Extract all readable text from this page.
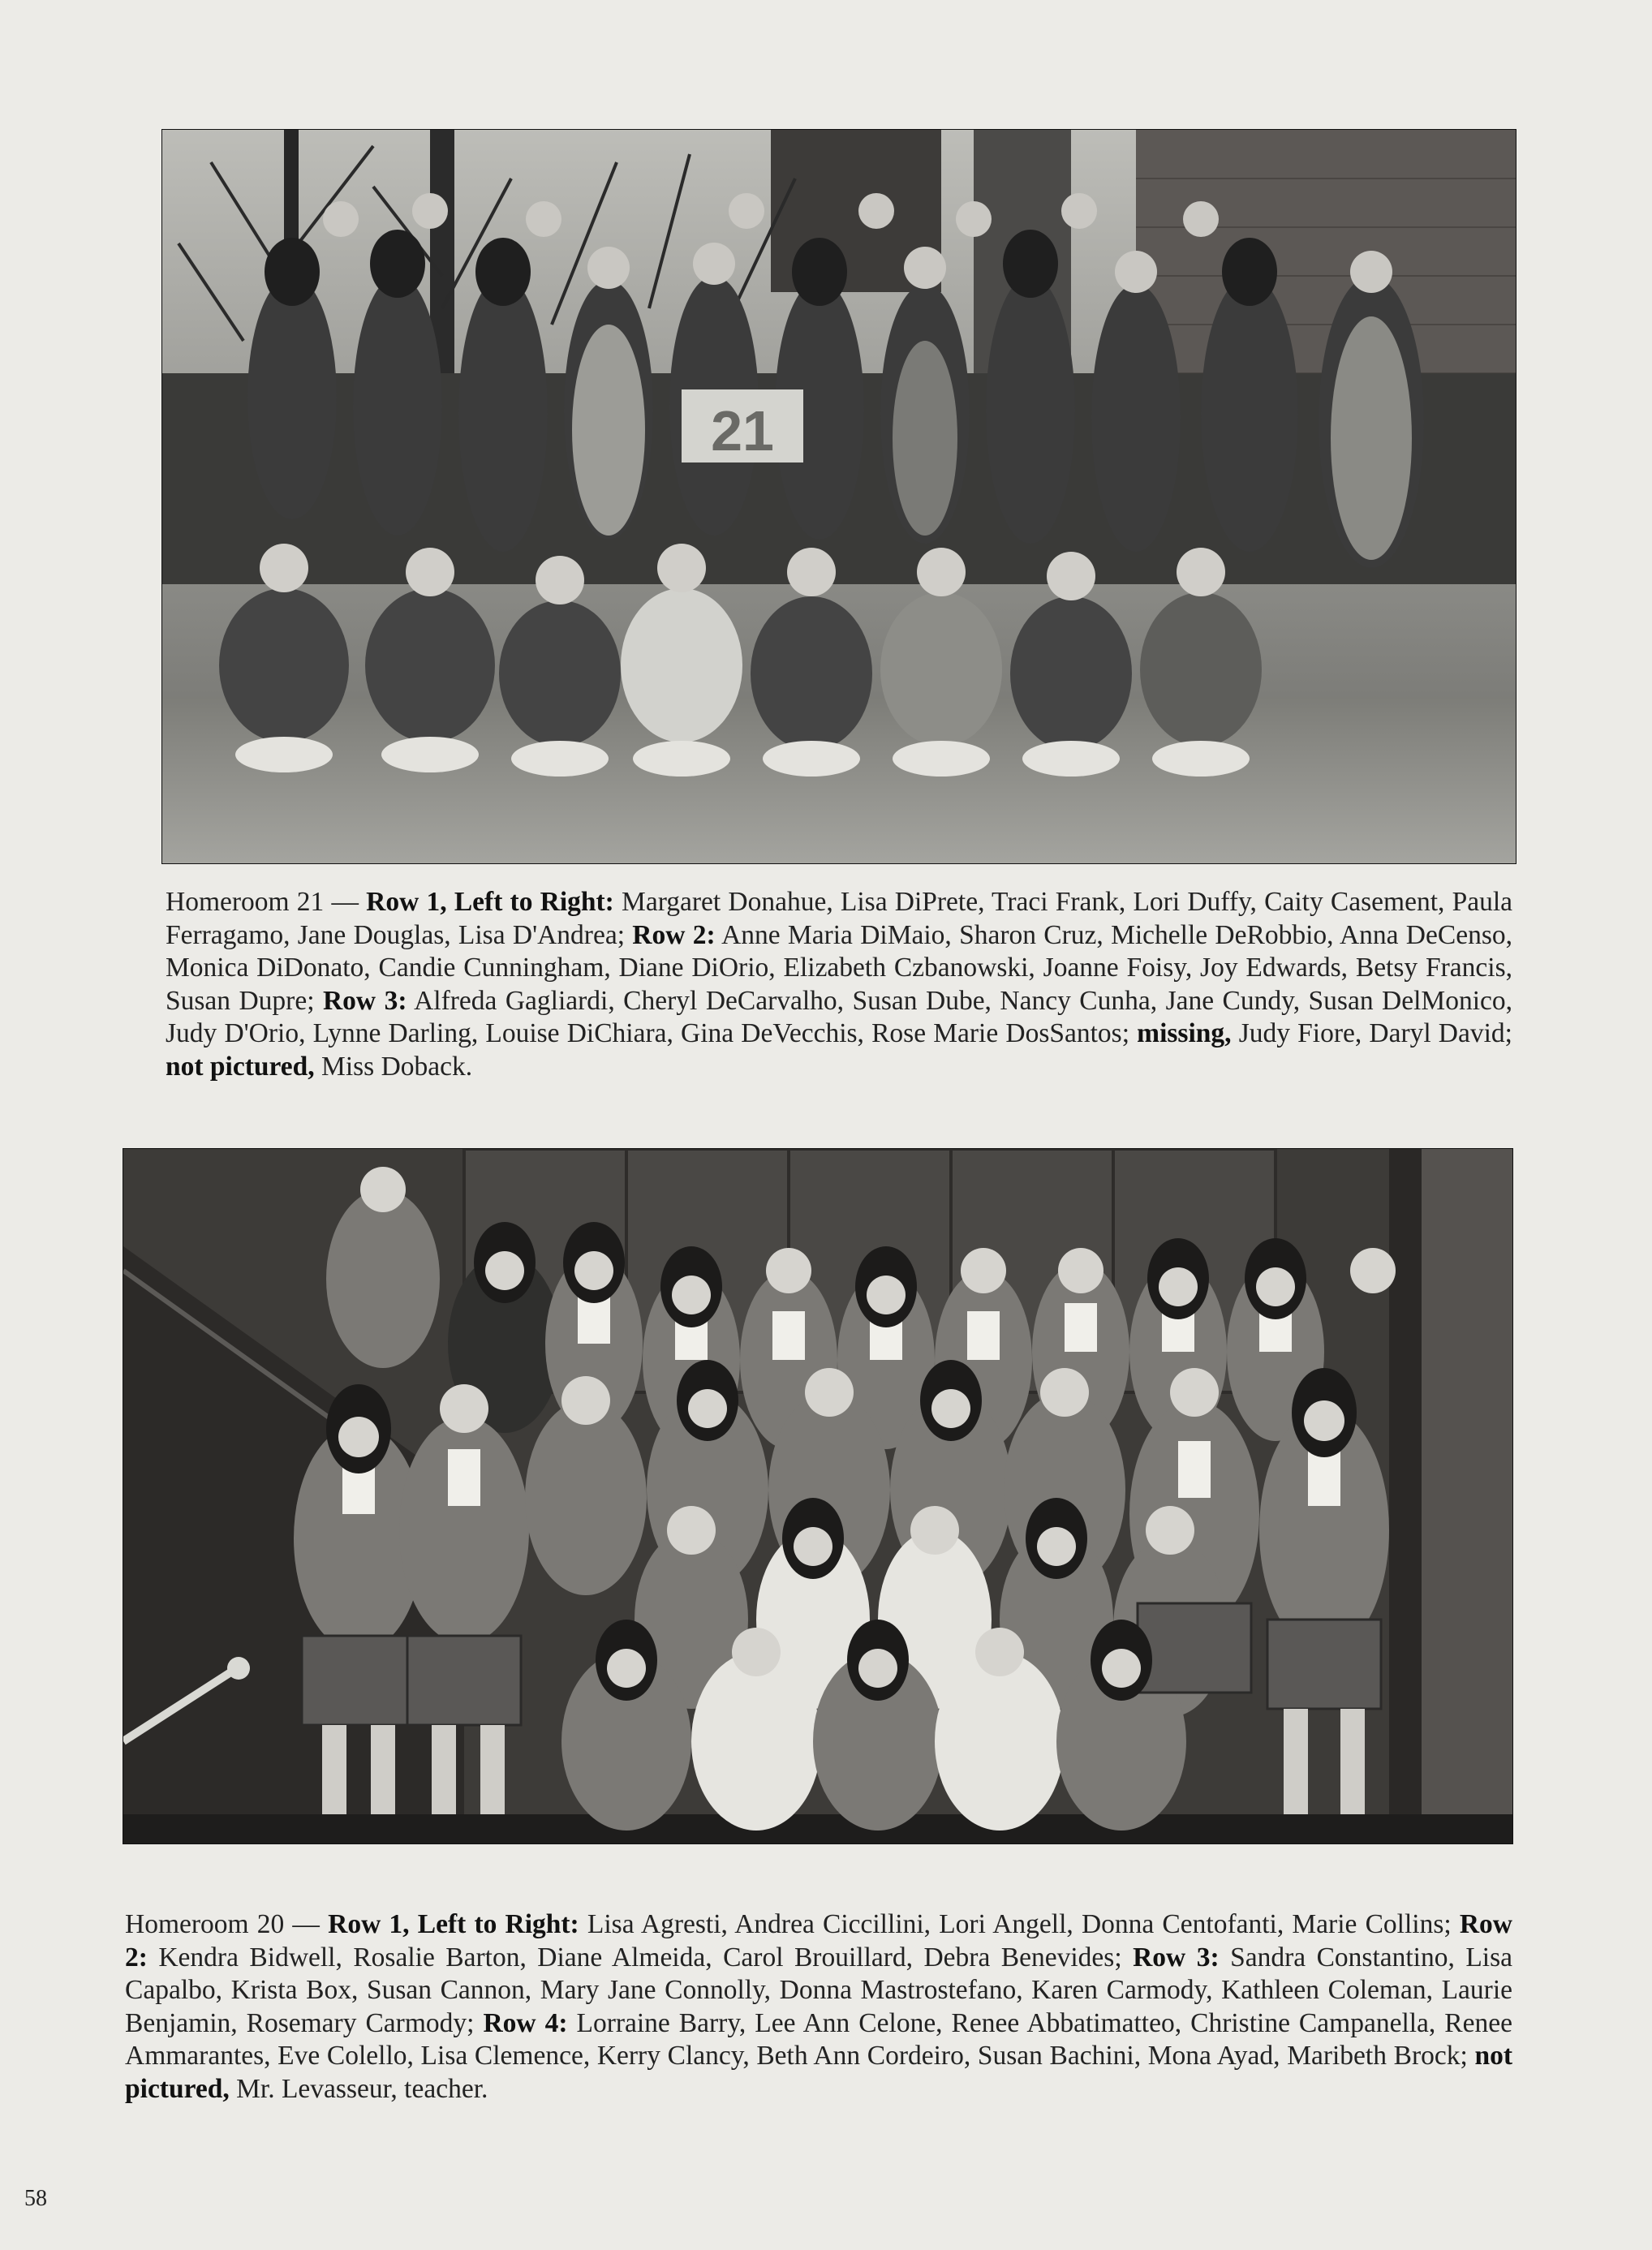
21

Homeroom 21 — Row 1, Left to Right: Margaret Donahue, Lisa DiPrete, Traci Frank, Lori Duffy, Caity Casement, Paula Ferragamo, Jane Douglas, Lisa D'Andrea; Row 2: Anne Maria DiMaio, Sharon Cruz, Michelle DeRobbio, Anna DeCenso, Monica DiDonato, Candie Cunningham, Diane DiOrio, Elizabeth Czbanowski, Joanne Foisy, Joy Edwards, Betsy Francis, Susan Dupre; Row 3: Alfreda Gagliardi, Cheryl DeCarvalho, Susan Dube, Nancy Cunha, Jane Cundy, Susan DelMonico, Judy D'Orio, Lynne Darling, Louise DiChiara, Gina DeVecchis, Rose Marie DosSantos; missing, Judy Fiore, Daryl David; not pictured, Miss Doback.

Homeroom 20 — Row 1, Left to Right: Lisa Agresti, Andrea Ciccillini, Lori Angell, Donna Centofanti, Marie Collins; Row 2: Kendra Bidwell, Rosalie Barton, Diane Almeida, Carol Brouillard, Debra Benevides; Row 3: Sandra Constantino, Lisa Capalbo, Krista Box, Susan Cannon, Mary Jane Connolly, Donna Mastrostefano, Karen Carmody, Kathleen Coleman, Laurie Benjamin, Rosemary Carmody; Row 4: Lorraine Barry, Lee Ann Celone, Renee Abbatimatteo, Christine Campanella, Renee Ammarantes, Eve Colello, Lisa Clemence, Kerry Clancy, Beth Ann Cordeiro, Susan Bachini, Mona Ayad, Maribeth Brock; not pictured, Mr. Levasseur, teacher.

58
